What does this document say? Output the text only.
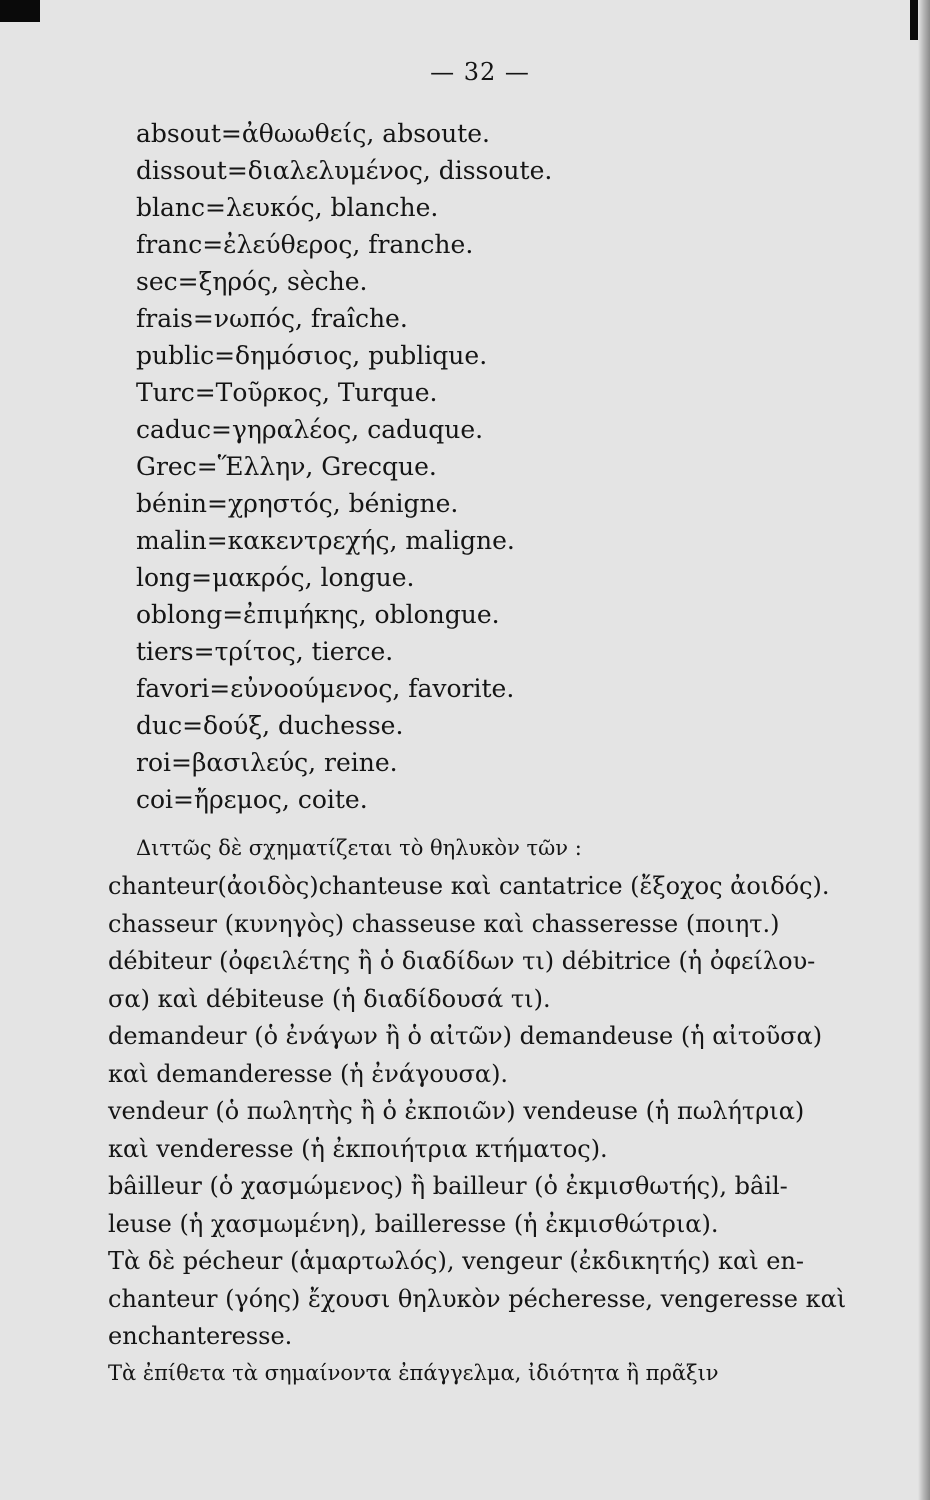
— 32 —
absout=ἀθωωθείς, absoute.
dissout=διαλελυμένος, dissoute.
blanc=λευκός, blanche.
franc=ἐλεύθερος, franche.
sec=ξηρός, sèche.
frais=νωπός, fraîche.
public=δημόσιος, publique.
Turc=Τοῦρκος, Turque.
caduc=γηραλέος, caduque.
Grec=Ἕλλην, Grecque.
bénin=χρηστός, bénigne.
malin=κακεντρεχής, maligne.
long=μακρός, longue.
oblong=ἐπιμήκης, oblongue.
tiers=τρίτος, tierce.
favori=εὐνοούμενος, favorite.
duc=δούξ, duchesse.
roi=βασιλεύς, reine.
coi=ἤρεμος, coite.

Διττῶς δὲ σχηματίζεται τὸ θηλυκὸν τῶν :

chanteur(ἀοιδὸς)chanteuse καὶ cantatrice (ἔξοχος ἀοιδός).
chasseur (κυνηγὸς) chasseuse καὶ chasseresse (ποιητ.)
débiteur (ὀφειλέτης ἢ ὁ διαδίδων τι) débitrice (ἡ ὀφείλου-
σα) καὶ débiteuse (ἡ διαδίδουσά τι).

demandeur (ὁ ἐνάγων ἢ ὁ αἰτῶν) demandeuse (ἡ αἰτοῦσα)
καὶ demanderesse (ἡ ἐνάγουσα).

vendeur (ὁ πωλητὴς ἢ ὁ ἐκποιῶν) vendeuse (ἡ πωλήτρια)
καὶ venderesse (ἡ ἐκποιήτρια κτήματος).

bâilleur (ὁ χασμώμενος) ἢ bailleur (ὁ ἐκμισθωτής), bâil-
leuse (ἡ χασμωμένη), bailleresse (ἡ ἐκμισθώτρια).

Τὰ δὲ pécheur (ἁμαρτωλός), vengeur (ἐκδικητής) καὶ en-
chanteur (γόης) ἔχουσι θηλυκὸν pécheresse, vengeresse καὶ
enchanteresse.

Τὰ ἐπίθετα τὰ σημαίνοντα ἐπάγγελμα, ἰδιότητα ἢ πρᾶξιν
